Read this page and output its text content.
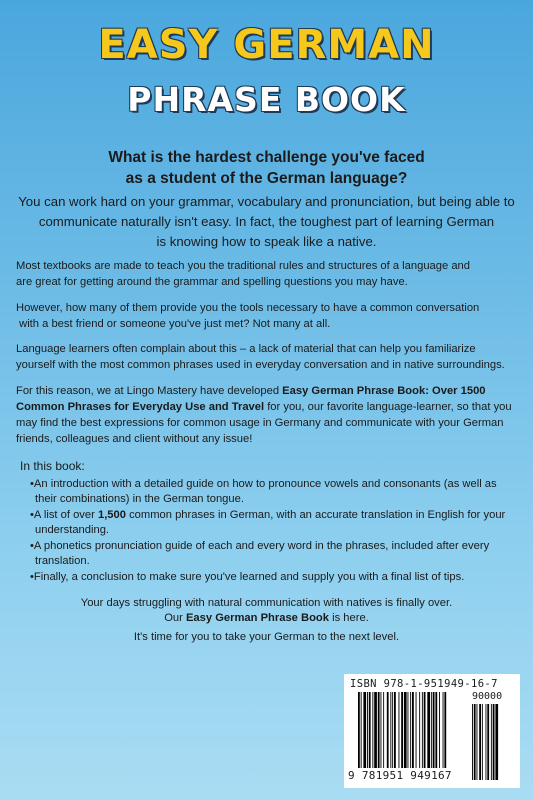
EASY GERMAN
PHRASE BOOK
What is the hardest challenge you've faced
as a student of the German language?
You can work hard on your grammar, vocabulary and pronunciation, but being able to
communicate naturally isn't easy. In fact, the toughest part of learning German
is knowing how to speak like a native.
Most textbooks are made to teach you the traditional rules and structures of a language and
are great for getting around the grammar and spelling questions you may have.
However, how many of them provide you the tools necessary to have a common conversation
with a best friend or someone you've just met? Not many at all.
Language learners often complain about this – a lack of material that can help you familiarize
yourself with the most common phrases used in everyday conversation and in native surroundings.
For this reason, we at Lingo Mastery have developed Easy German Phrase Book: Over 1500 Common Phrases for Everyday Use and Travel for you, our favorite language-learner, so that you may find the best expressions for common usage in Germany and communicate with your German friends, colleagues and client without any issue!
In this book:
•An introduction with a detailed guide on how to pronounce vowels and consonants (as well as their combinations) in the German tongue.
•A list of over 1,500 common phrases in German, with an accurate translation in English for your understanding.
•A phonetics pronunciation guide of each and every word in the phrases, included after every translation.
•Finally, a conclusion to make sure you've learned and supply you with a final list of tips.
Your days struggling with natural communication with natives is finally over.
Our Easy German Phrase Book is here.
It's time for you to take your German to the next level.
ISBN 978-1-951949-16-7
90000
9 781951 949167
